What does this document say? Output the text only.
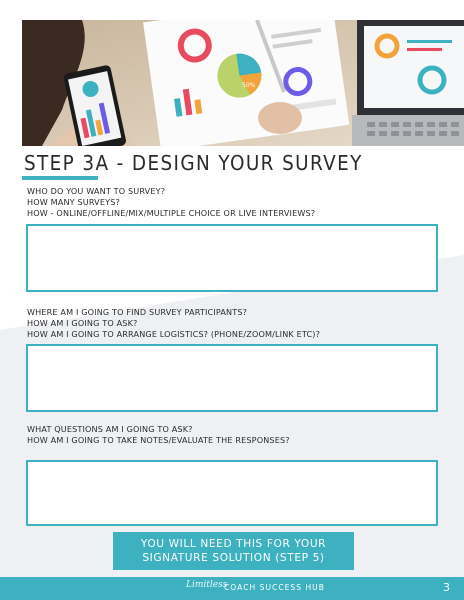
50%
STEP 3A - DESIGN YOUR SURVEY
WHO DO YOU WANT TO SURVEY?
HOW MANY SURVEYS?
HOW - ONLINE/OFFLINE/MIX/MULTIPLE CHOICE OR LIVE INTERVIEWS?
WHERE AM I GOING TO FIND SURVEY PARTICIPANTS?
HOW AM I GOING TO ASK?
HOW AM I GOING TO ARRANGE LOGISTICS? (PHONE/ZOOM/LINK ETC)?
WHAT QUESTIONS AM I GOING TO ASK?
HOW AM I GOING TO TAKE NOTES/EVALUATE THE RESPONSES?
YOU WILL NEED THIS FOR YOUR
SIGNATURE SOLUTION (STEP 5)
Limitless
COACH SUCCESS HUB	3
